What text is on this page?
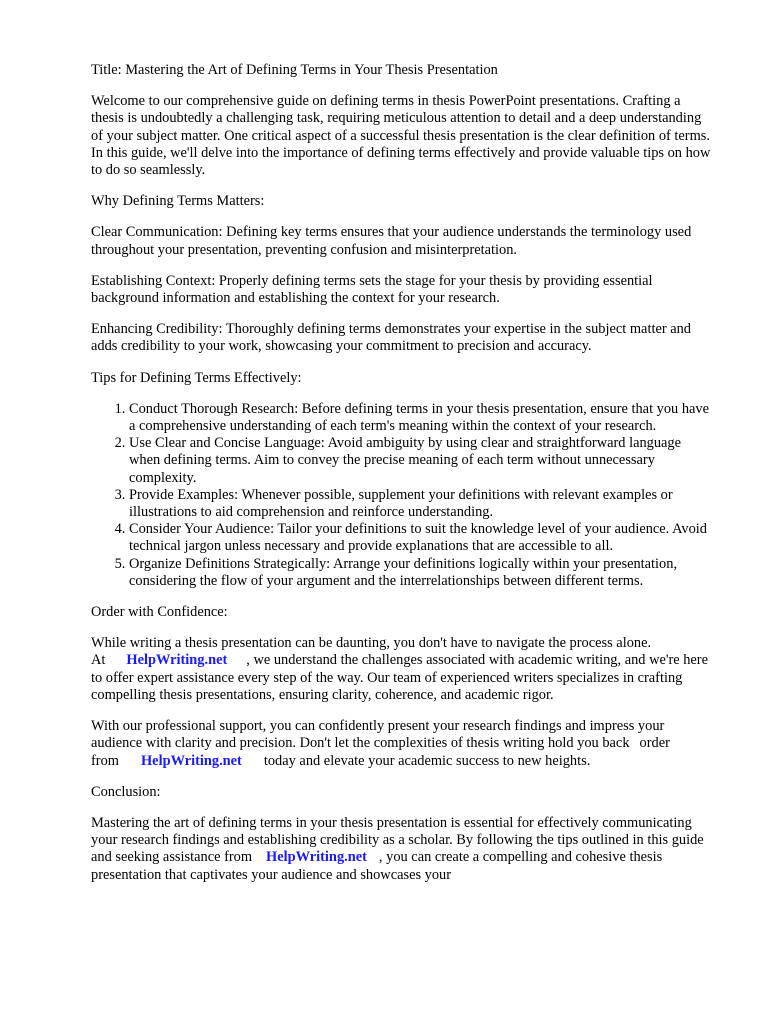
Title: Mastering the Art of Defining Terms in Your Thesis Presentation

Welcome to our comprehensive guide on defining terms in thesis PowerPoint presentations. Crafting a thesis is undoubtedly a challenging task, requiring meticulous attention to detail and a deep understanding of your subject matter. One critical aspect of a successful thesis presentation is the clear definition of terms. In this guide, we'll delve into the importance of defining terms effectively and provide valuable tips on how to do so seamlessly.

Why Defining Terms Matters:

Clear Communication: Defining key terms ensures that your audience understands the terminology used throughout your presentation, preventing confusion and misinterpretation.

Establishing Context: Properly defining terms sets the stage for your thesis by providing essential background information and establishing the context for your research.

Enhancing Credibility: Thoroughly defining terms demonstrates your expertise in the subject matter and adds credibility to your work, showcasing your commitment to precision and accuracy.

Tips for Defining Terms Effectively:

1. Conduct Thorough Research: Before defining terms in your thesis presentation, ensure that you have a comprehensive understanding of each term's meaning within the context of your research.
2. Use Clear and Concise Language: Avoid ambiguity by using clear and straightforward language when defining terms. Aim to convey the precise meaning of each term without unnecessary complexity.
3. Provide Examples: Whenever possible, supplement your definitions with relevant examples or illustrations to aid comprehension and reinforce understanding.
4. Consider Your Audience: Tailor your definitions to suit the knowledge level of your audience. Avoid technical jargon unless necessary and provide explanations that are accessible to all.
5. Organize Definitions Strategically: Arrange your definitions logically within your presentation, considering the flow of your argument and the interrelationships between different terms.

Order with Confidence:

While writing a thesis presentation can be daunting, you don't have to navigate the process alone. At HelpWriting.net , we understand the challenges associated with academic writing, and we're here to offer expert assistance every step of the way. Our team of experienced writers specializes in crafting compelling thesis presentations, ensuring clarity, coherence, and academic rigor.

With our professional support, you can confidently present your research findings and impress your audience with clarity and precision. Don't let the complexities of thesis writing hold you back order from HelpWriting.net today and elevate your academic success to new heights.

Conclusion:

Mastering the art of defining terms in your thesis presentation is essential for effectively communicating your research findings and establishing credibility as a scholar. By following the tips outlined in this guide and seeking assistance from HelpWriting.net , you can create a compelling and cohesive thesis presentation that captivates your audience and showcases your
